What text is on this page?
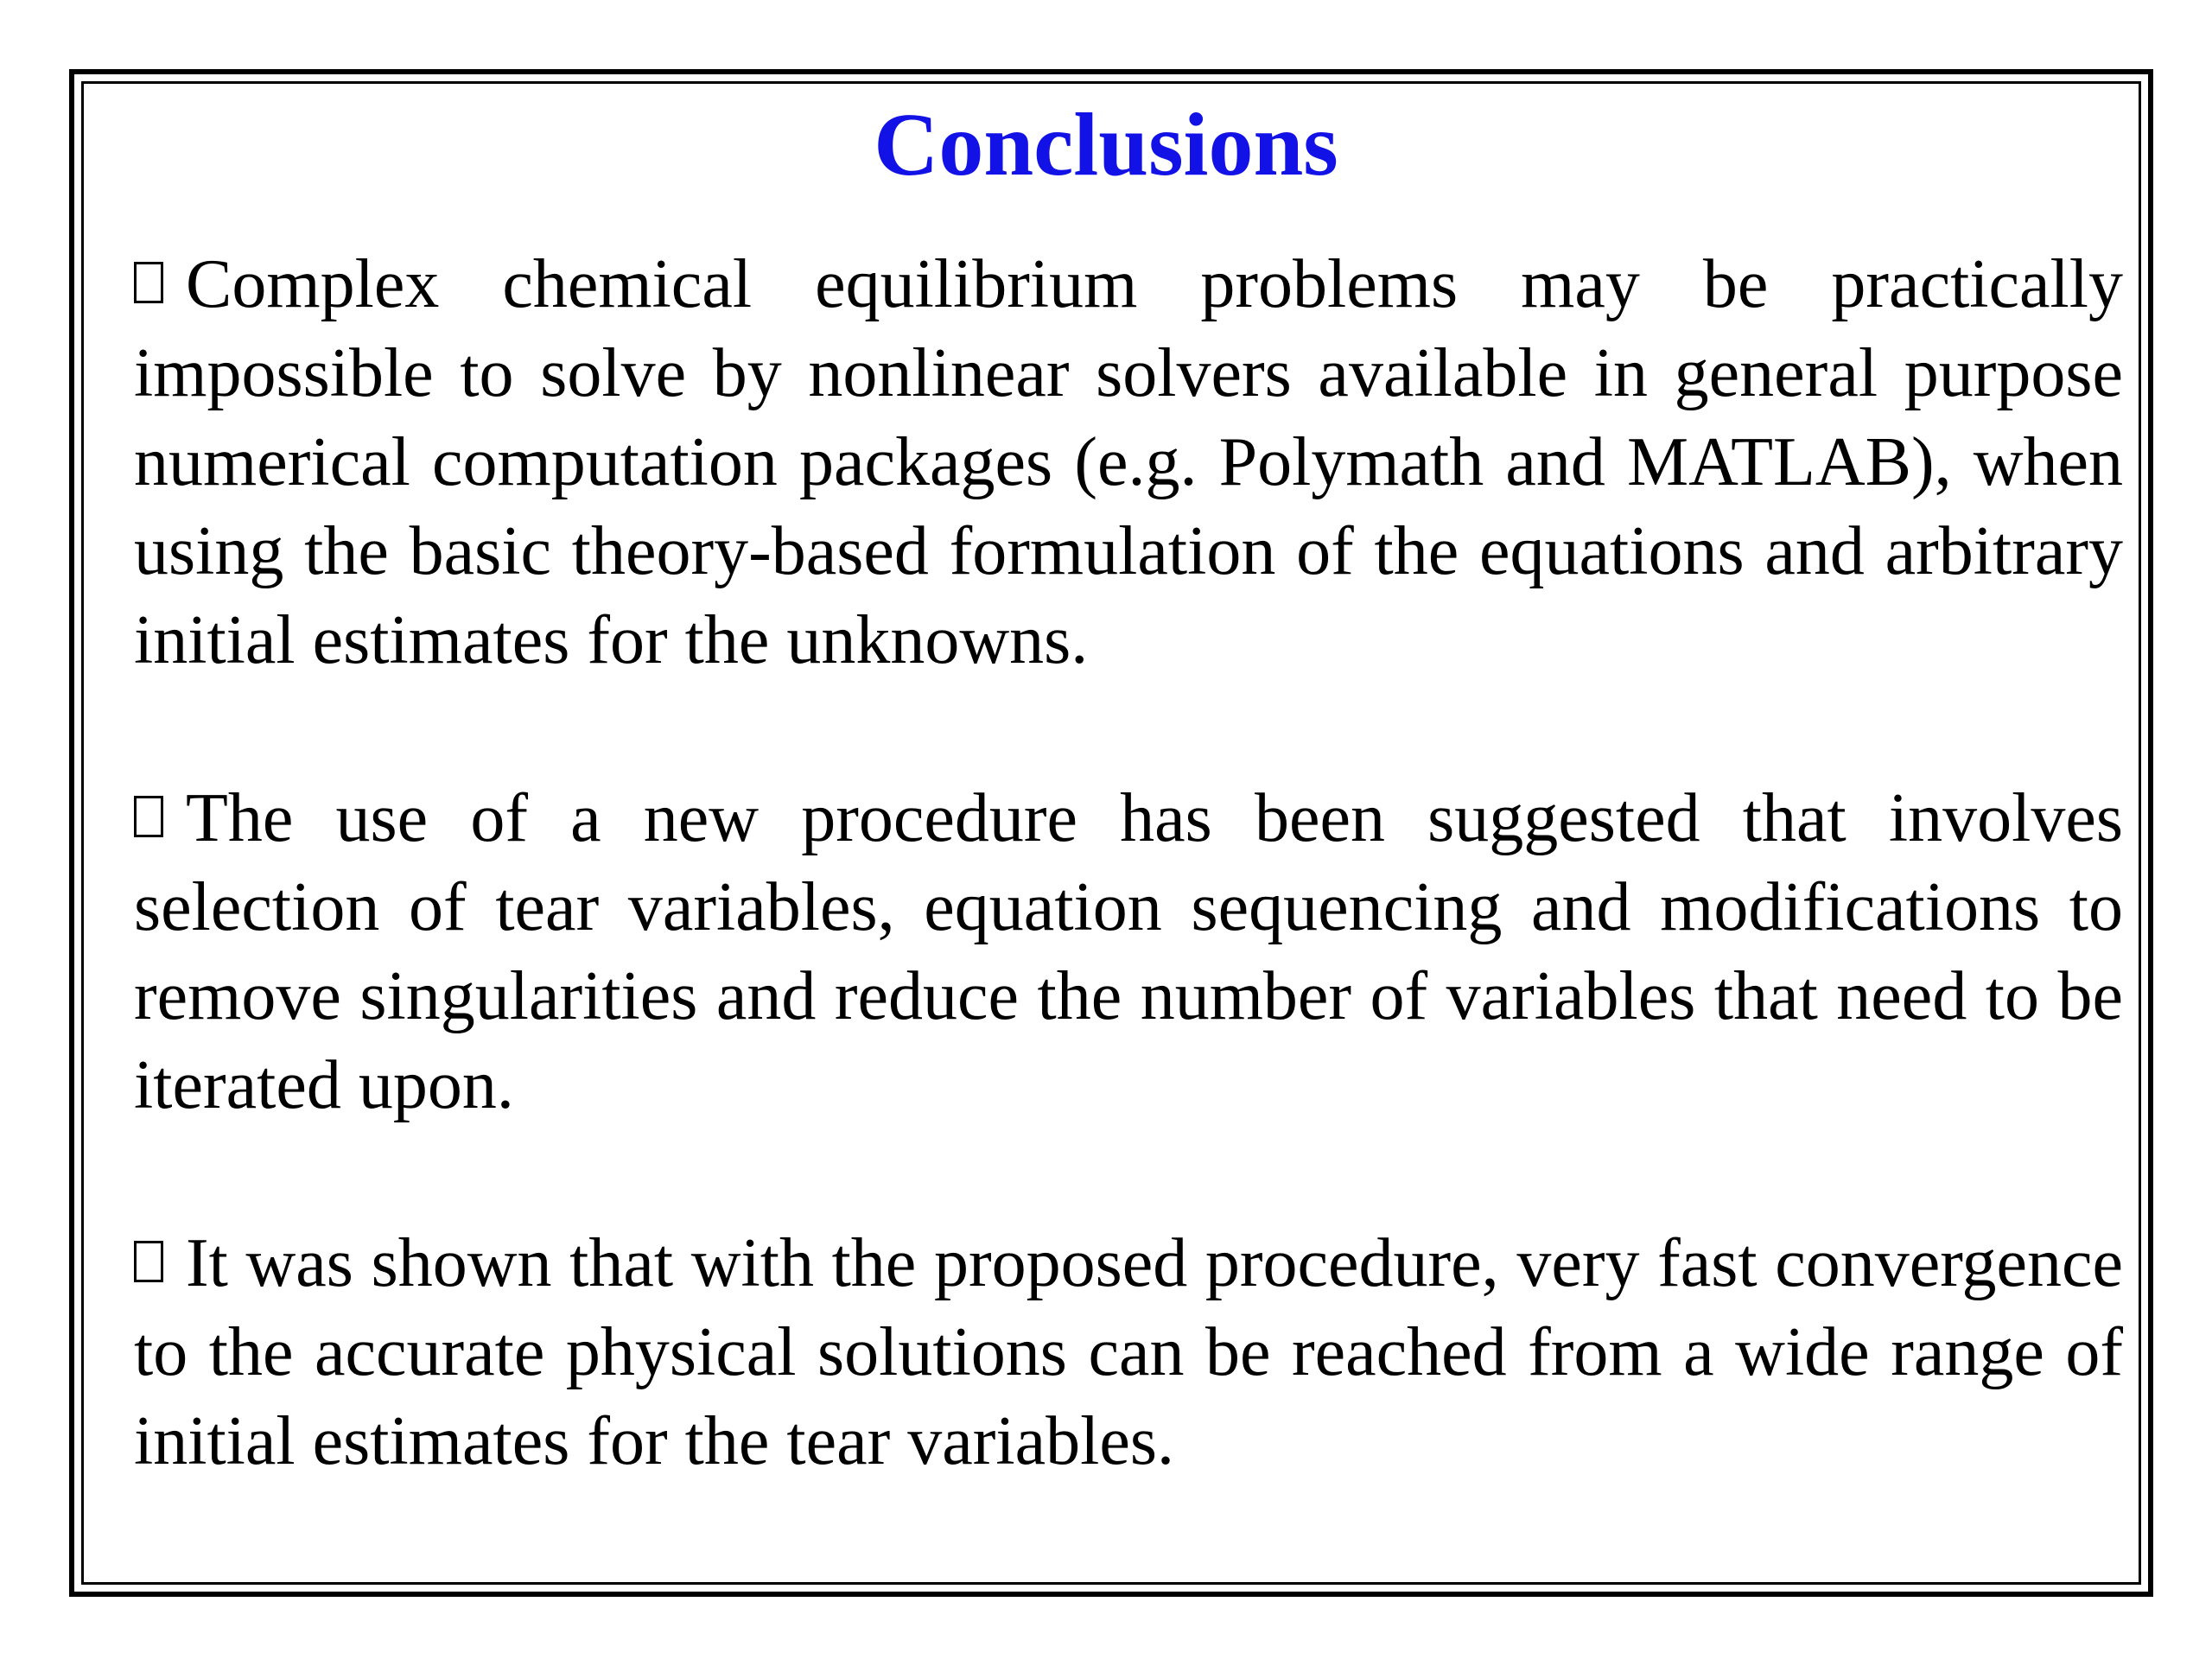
Conclusions

Complex chemical equilibrium problems may be practically impossible to solve by nonlinear solvers available in general purpose numerical computation packages (e.g. Polymath and MATLAB), when using the basic theory-based formulation of the equations and arbitrary initial estimates for the unknowns.

The use of a new procedure has been suggested that involves selection of tear variables, equation sequencing and modifications to remove singularities and reduce the number of variables that need to be iterated upon.

It was shown that with the proposed procedure, very fast convergence to the accurate physical solutions can be reached from a wide range of initial estimates for the tear variables.
